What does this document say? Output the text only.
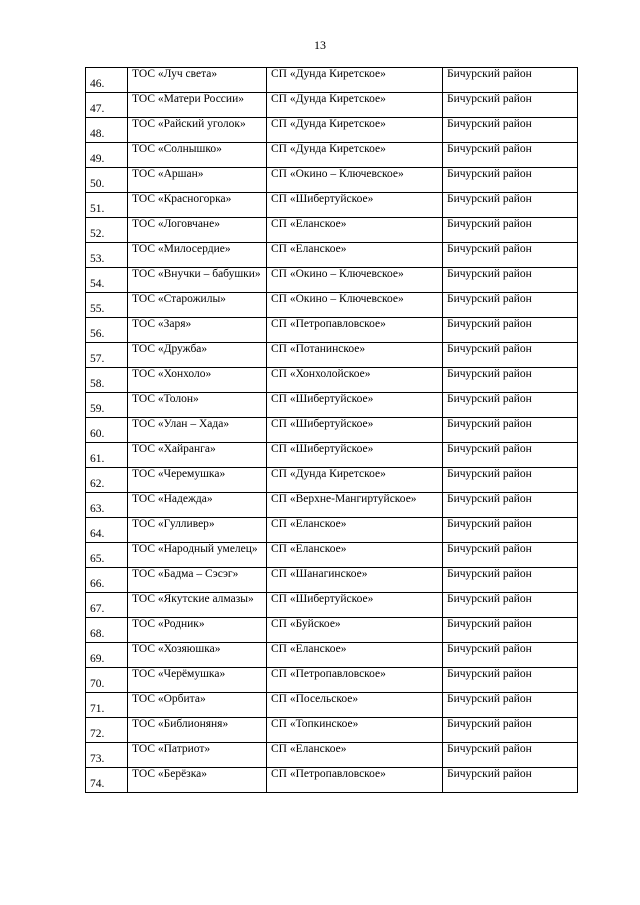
13
46.	ТОС «Луч света»	СП «Дунда Киретское»	Бичурский район
47.	ТОС «Матери России»	СП «Дунда Киретское»	Бичурский район
48.	ТОС «Райский уголок»	СП «Дунда Киретское»	Бичурский район
49.	ТОС «Солнышко»	СП «Дунда Киретское»	Бичурский район
50.	ТОС «Аршан»	СП «Окино – Ключевское»	Бичурский район
51.	ТОС «Красногорка»	СП «Шибертуйское»	Бичурский район
52.	ТОС «Логовчане»	СП «Еланское»	Бичурский район
53.	ТОС «Милосердие»	СП «Еланское»	Бичурский район
54.	ТОС «Внучки – бабушки»	СП «Окино – Ключевское»	Бичурский район
55.	ТОС «Старожилы»	СП «Окино – Ключевское»	Бичурский район
56.	ТОС «Заря»	СП «Петропавловское»	Бичурский район
57.	ТОС «Дружба»	СП «Потанинское»	Бичурский район
58.	ТОС «Хонхоло»	СП «Хонхолойское»	Бичурский район
59.	ТОС «Толон»	СП «Шибертуйское»	Бичурский район
60.	ТОС «Улан – Хада»	СП «Шибертуйское»	Бичурский район
61.	ТОС «Хайранга»	СП «Шибертуйское»	Бичурский район
62.	ТОС «Черемушка»	СП «Дунда Киретское»	Бичурский район
63.	ТОС «Надежда»	СП «Верхне-Мангиртуйское»	Бичурский район
64.	ТОС «Гулливер»	СП «Еланское»	Бичурский район
65.	ТОС «Народный умелец»	СП «Еланское»	Бичурский район
66.	ТОС «Бадма – Сэсэг»	СП «Шанагинское»	Бичурский район
67.	ТОС «Якутские алмазы»	СП «Шибертуйское»	Бичурский район
68.	ТОС «Родник»	СП «Буйское»	Бичурский район
69.	ТОС «Хозяюшка»	СП «Еланское»	Бичурский район
70.	ТОС «Черёмушка»	СП «Петропавловское»	Бичурский район
71.	ТОС «Орбита»	СП «Посельское»	Бичурский район
72.	ТОС «Библионяня»	СП «Топкинское»	Бичурский район
73.	ТОС «Патриот»	СП «Еланское»	Бичурский район
74.	ТОС «Берёзка»	СП «Петропавловское»	Бичурский район
